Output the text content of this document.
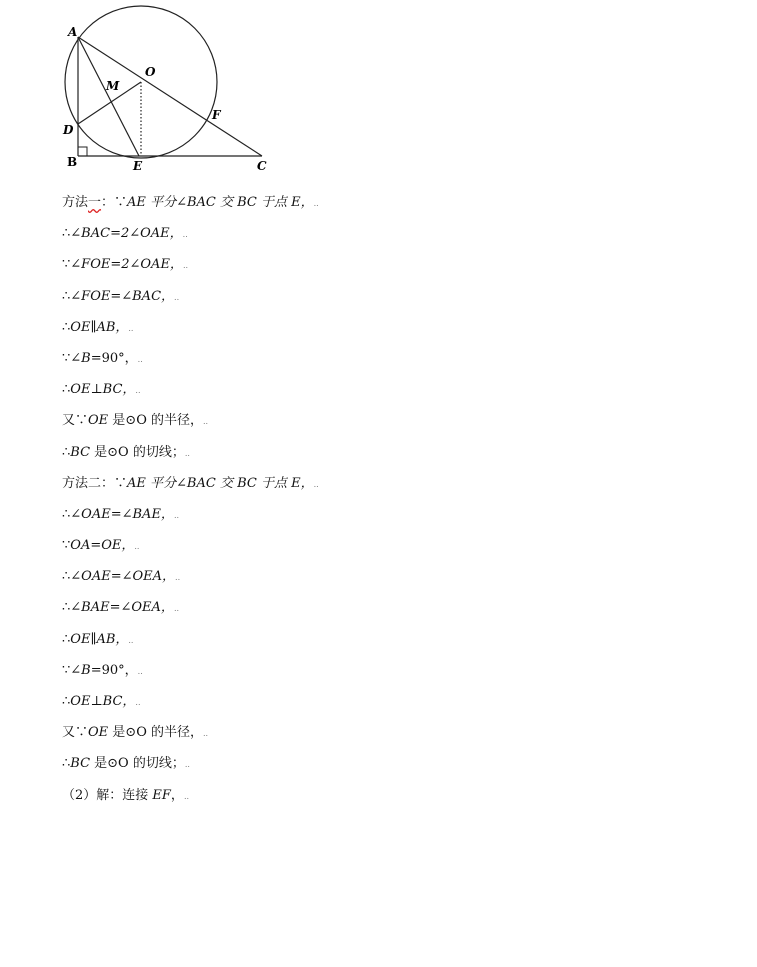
A
M
O
D
F
B	E	C
方法一：∵AE 平分∠BAC 交 BC 于点 E，..
∴∠BAC=2∠OAE，..
∵∠FOE=2∠OAE，..
∴∠FOE=∠BAC，..
∴OE∥AB，..
∵∠B=90°，..
∴OE⊥BC，..
又∵OE 是⊙O 的半径，..
∴BC 是⊙O 的切线；..
方法二：∵AE 平分∠BAC 交 BC 于点 E，..
∴∠OAE=∠BAE，..
∵OA=OE，..
∴∠OAE=∠OEA，..
∴∠BAE=∠OEA，..
∴OE∥AB，..
∵∠B=90°，..
∴OE⊥BC，..
又∵OE 是⊙O 的半径，..
∴BC 是⊙O 的切线；..
（2）解：连接 EF，..
